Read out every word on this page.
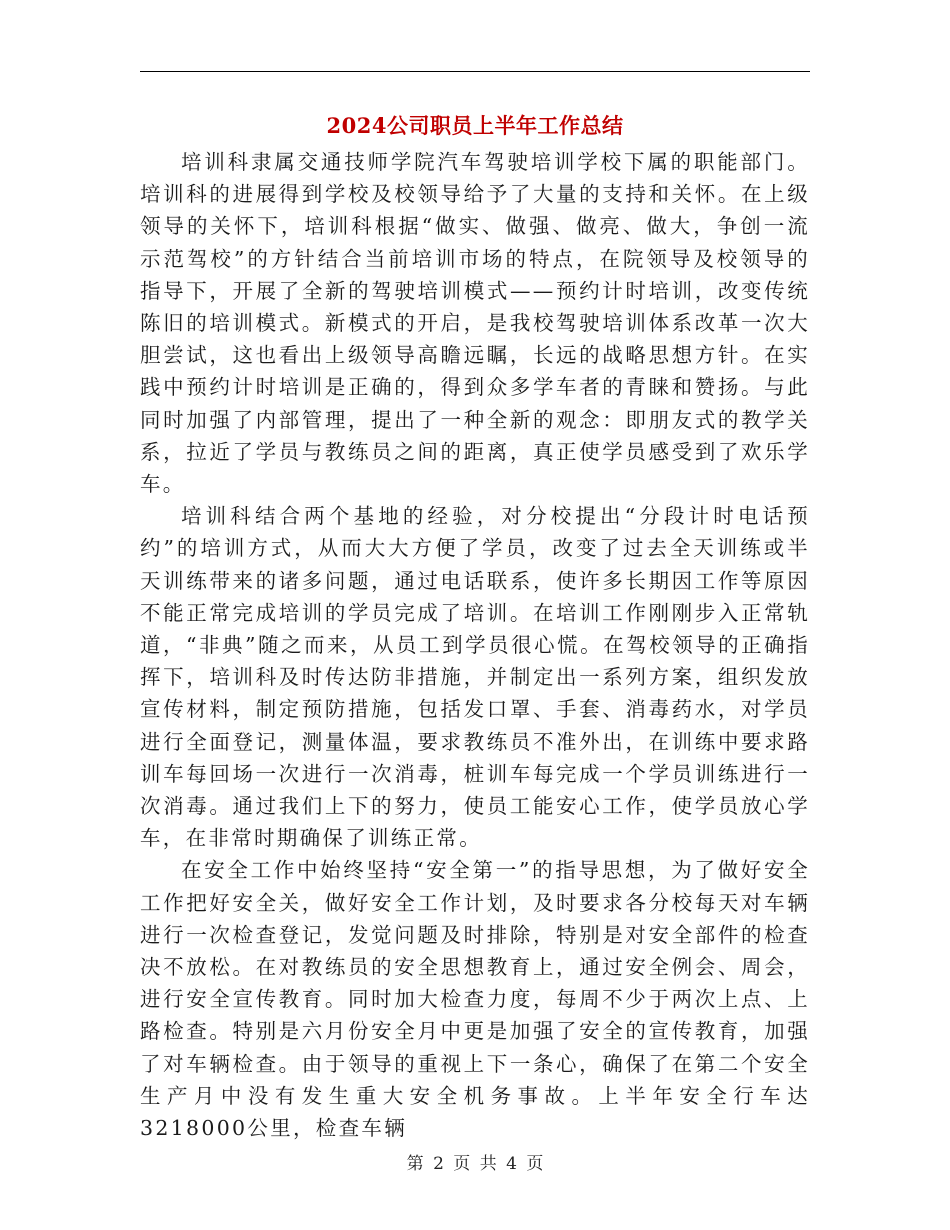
2024公司职员上半年工作总结

培训科隶属交通技师学院汽车驾驶培训学校下属的职能部门。培训科的进展得到学校及校领导给予了大量的支持和关怀。在上级领导的关怀下，培训科根据“做实、做强、做亮、做大，争创一流示范驾校”的方针结合当前培训市场的特点，在院领导及校领导的指导下，开展了全新的驾驶培训模式——预约计时培训，改变传统陈旧的培训模式。新模式的开启，是我校驾驶培训体系改革一次大胆尝试，这也看出上级领导高瞻远瞩，长远的战略思想方针。在实践中预约计时培训是正确的，得到众多学车者的青睐和赞扬。与此同时加强了内部管理，提出了一种全新的观念：即朋友式的教学关系，拉近了学员与教练员之间的距离，真正使学员感受到了欢乐学车。

培训科结合两个基地的经验，对分校提出“分段计时电话预约”的培训方式，从而大大方便了学员，改变了过去全天训练或半天训练带来的诸多问题，通过电话联系，使许多长期因工作等原因不能正常完成培训的学员完成了培训。在培训工作刚刚步入正常轨道，“非典”随之而来，从员工到学员很心慌。在驾校领导的正确指挥下，培训科及时传达防非措施，并制定出一系列方案，组织发放宣传材料，制定预防措施，包括发口罩、手套、消毒药水，对学员进行全面登记，测量体温，要求教练员不准外出，在训练中要求路训车每回场一次进行一次消毒，桩训车每完成一个学员训练进行一次消毒。通过我们上下的努力，使员工能安心工作，使学员放心学车，在非常时期确保了训练正常。

在安全工作中始终坚持“安全第一”的指导思想，为了做好安全工作把好安全关，做好安全工作计划，及时要求各分校每天对车辆进行一次检查登记，发觉问题及时排除，特别是对安全部件的检查决不放松。在对教练员的安全思想教育上，通过安全例会、周会，进行安全宣传教育。同时加大检查力度，每周不少于两次上点、上路检查。特别是六月份安全月中更是加强了安全的宣传教育，加强了对车辆检查。由于领导的重视上下一条心，确保了在第二个安全生产月中没有发生重大安全机务事故。上半年安全行车达3218000公里，检查车辆

第 2 页 共 4 页
